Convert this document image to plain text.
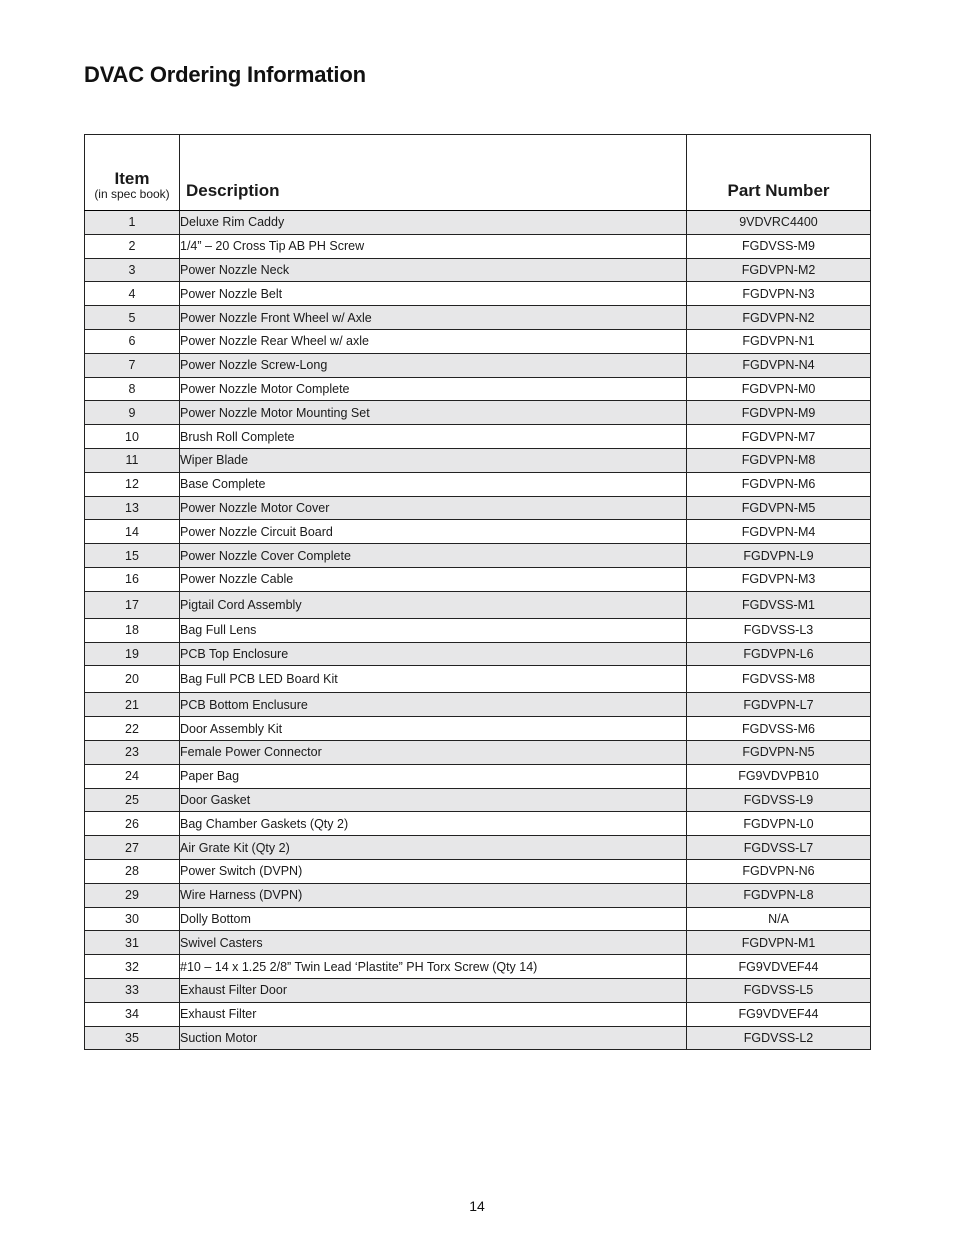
DVAC Ordering Information
Item
(in spec book)	Description	Part Number
1	Deluxe Rim Caddy	9VDVRC4400
2	1/4” – 20 Cross Tip AB PH Screw	FGDVSS-M9
3	Power Nozzle Neck	FGDVPN-M2
4	Power Nozzle Belt	FGDVPN-N3
5	Power Nozzle Front Wheel w/ Axle	FGDVPN-N2
6	Power Nozzle Rear Wheel w/ axle	FGDVPN-N1
7	Power Nozzle Screw-Long	FGDVPN-N4
8	Power Nozzle Motor Complete	FGDVPN-M0
9	Power Nozzle Motor Mounting Set	FGDVPN-M9
10	Brush Roll Complete	FGDVPN-M7
11	Wiper Blade	FGDVPN-M8
12	Base Complete	FGDVPN-M6
13	Power Nozzle Motor Cover	FGDVPN-M5
14	Power Nozzle Circuit Board	FGDVPN-M4
15	Power Nozzle Cover Complete	FGDVPN-L9
16	Power Nozzle Cable	FGDVPN-M3
17	Pigtail Cord Assembly	FGDVSS-M1
18	Bag Full Lens	FGDVSS-L3
19	PCB Top Enclosure	FGDVPN-L6
20	Bag Full PCB LED Board Kit	FGDVSS-M8
21	PCB Bottom Enclusure	FGDVPN-L7
22	Door Assembly Kit	FGDVSS-M6
23	Female Power Connector	FGDVPN-N5
24	Paper Bag	FG9VDVPB10
25	Door Gasket	FGDVSS-L9
26	Bag Chamber Gaskets (Qty 2)	FGDVPN-L0
27	Air Grate Kit (Qty 2)	FGDVSS-L7
28	Power Switch (DVPN)	FGDVPN-N6
29	Wire Harness (DVPN)	FGDVPN-L8
30	Dolly Bottom	N/A
31	Swivel Casters	FGDVPN-M1
32	#10 – 14 x 1.25 2/8” Twin Lead ‘Plastite” PH Torx Screw (Qty 14)	FG9VDVEF44
33	Exhaust Filter Door	FGDVSS-L5
34	Exhaust Filter	FG9VDVEF44
35	Suction Motor	FGDVSS-L2
14
